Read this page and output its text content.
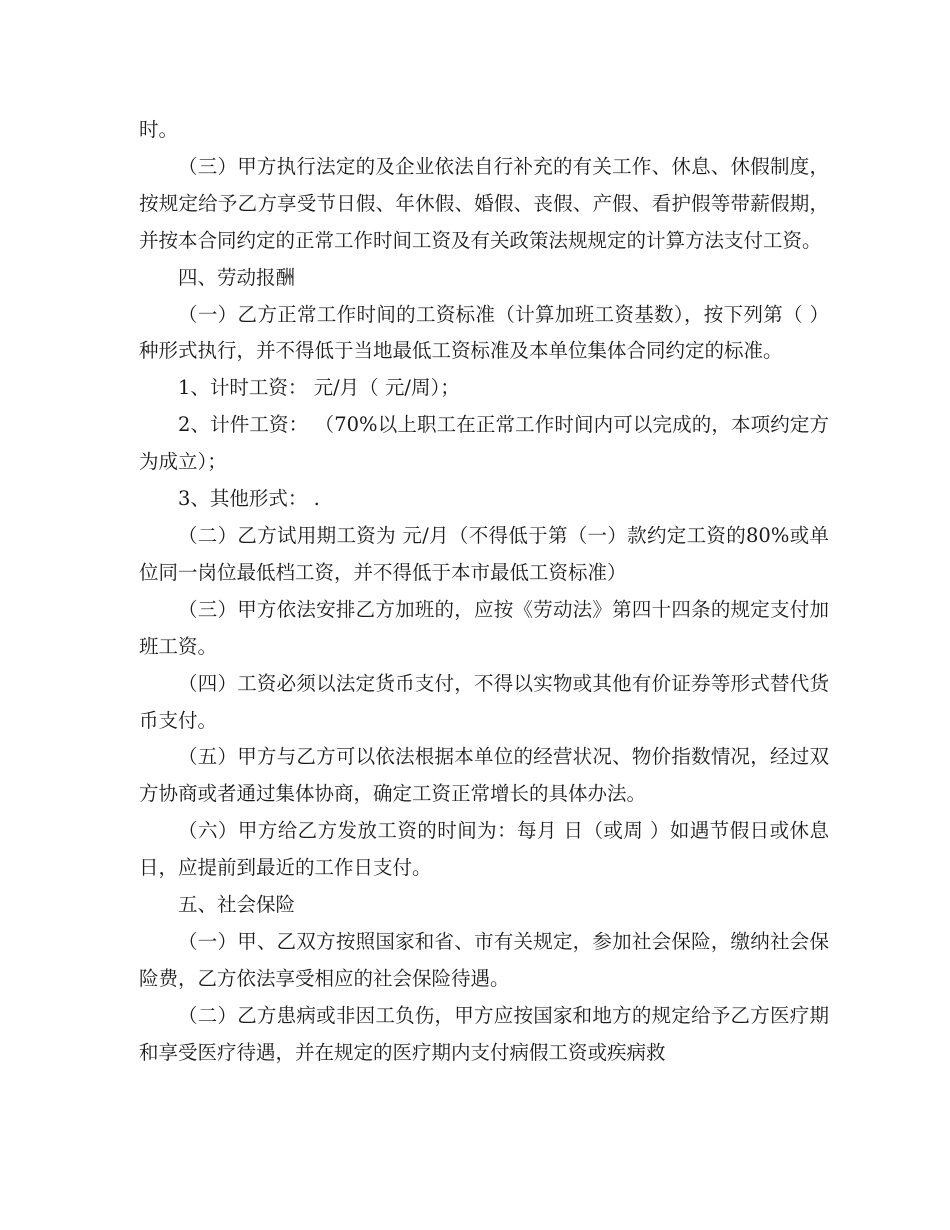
时。

（三）甲方执行法定的及企业依法自行补充的有关工作、休息、休假制度，按规定给予乙方享受节日假、年休假、婚假、丧假、产假、看护假等带薪假期，并按本合同约定的正常工作时间工资及有关政策法规规定的计算方法支付工资。

四、劳动报酬

（一）乙方正常工作时间的工资标准（计算加班工资基数），按下列第（ ）种形式执行，并不得低于当地最低工资标准及本单位集体合同约定的标准。

1、计时工资： 元/月（ 元/周）；

2、计件工资： （70%以上职工在正常工作时间内可以完成的，本项约定方为成立）；

3、其他形式： .

（二）乙方试用期工资为 元/月（不得低于第（一）款约定工资的80%或单位同一岗位最低档工资，并不得低于本市最低工资标准）

（三）甲方依法安排乙方加班的，应按《劳动法》第四十四条的规定支付加班工资。

（四）工资必须以法定货币支付，不得以实物或其他有价证券等形式替代货币支付。

（五）甲方与乙方可以依法根据本单位的经营状况、物价指数情况，经过双方协商或者通过集体协商，确定工资正常增长的具体办法。

（六）甲方给乙方发放工资的时间为：每月 日（或周 ）如遇节假日或休息日，应提前到最近的工作日支付。

五、社会保险

（一）甲、乙双方按照国家和省、市有关规定，参加社会保险，缴纳社会保险费，乙方依法享受相应的社会保险待遇。

（二）乙方患病或非因工负伤，甲方应按国家和地方的规定给予乙方医疗期和享受医疗待遇，并在规定的医疗期内支付病假工资或疾病救
